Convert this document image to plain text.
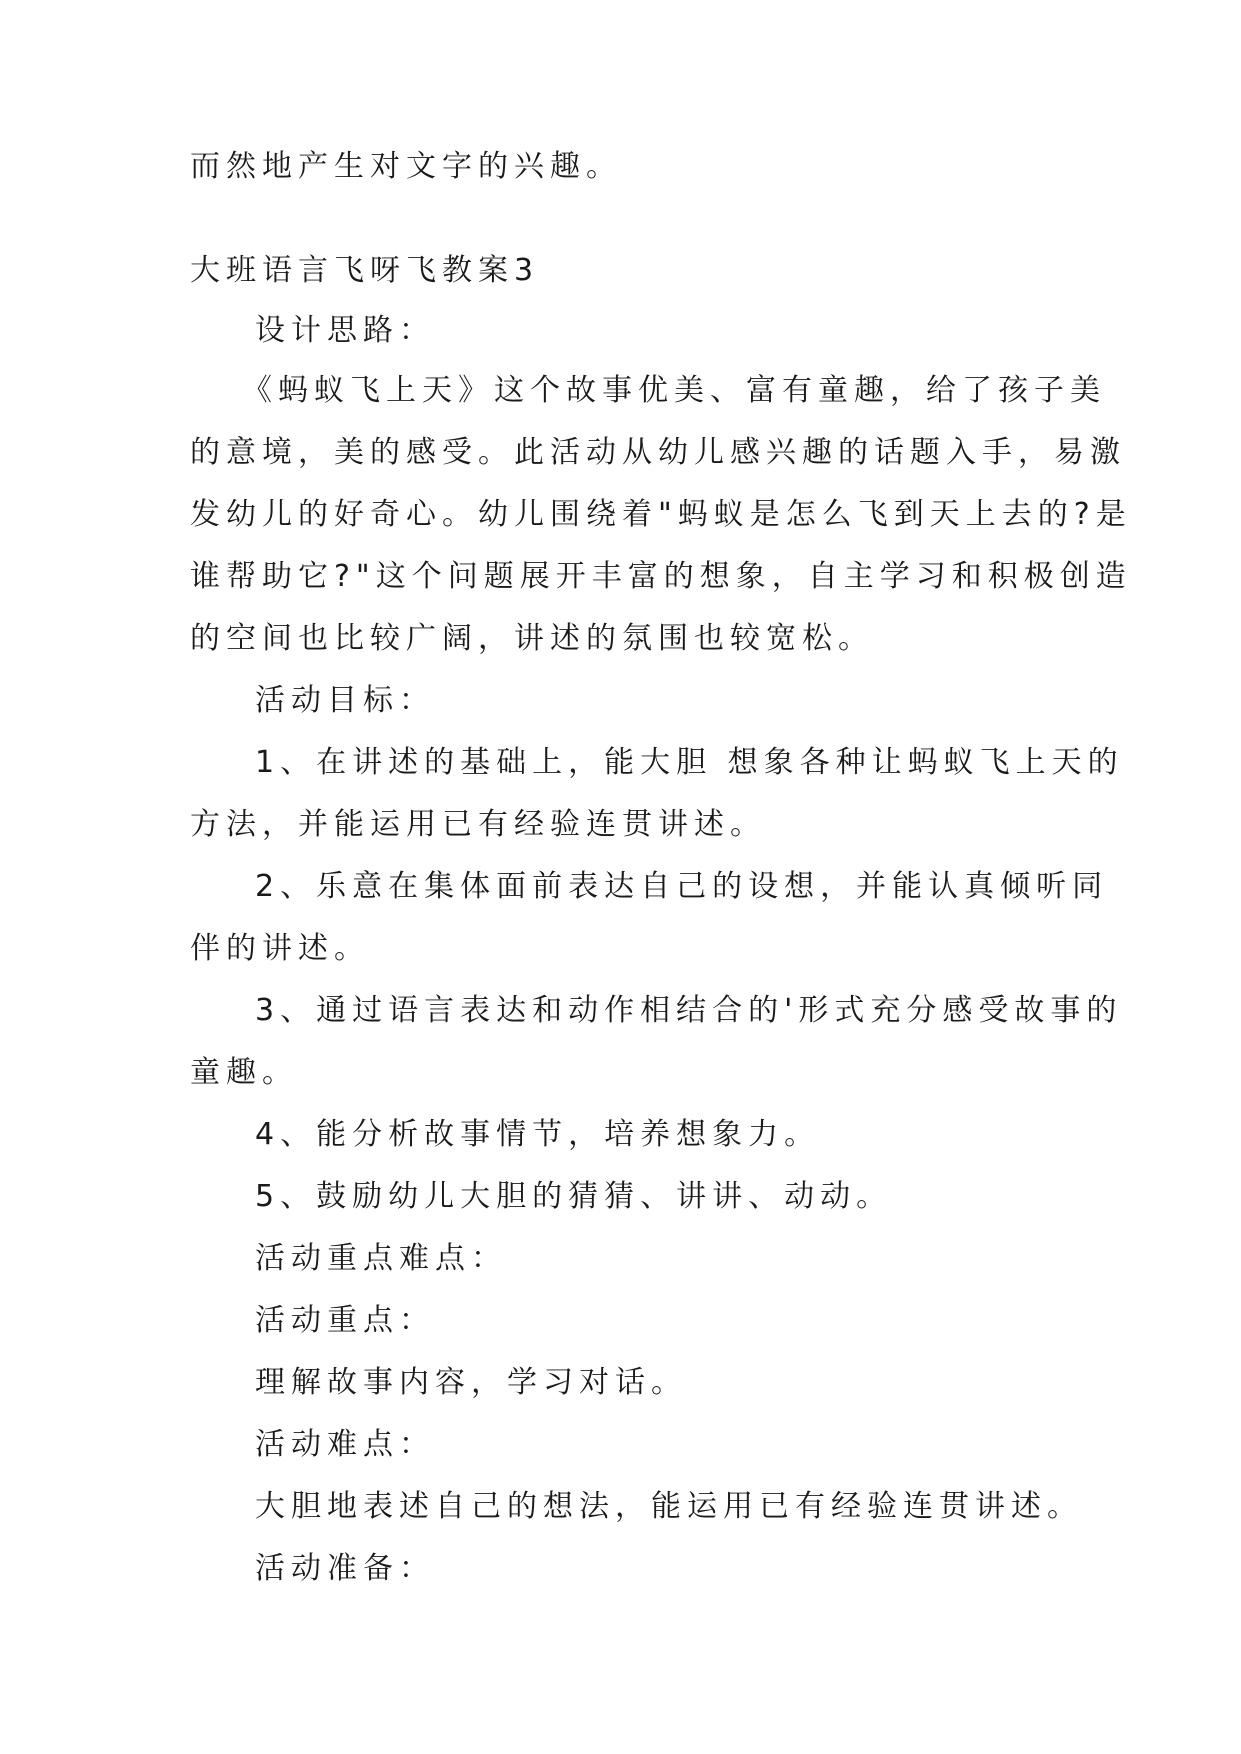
而然地产生对文字的兴趣。
大班语言飞呀飞教案3
设计思路：
《蚂蚁飞上天》这个故事优美、富有童趣，给了孩子美
的意境，美的感受。此活动从幼儿感兴趣的话题入手，易激
发幼儿的好奇心。幼儿围绕着"蚂蚁是怎么飞到天上去的?是
谁帮助它?"这个问题展开丰富的想象，自主学习和积极创造
的空间也比较广阔，讲述的氛围也较宽松。
活动目标：
1、在讲述的基础上，能大胆 想象各种让蚂蚁飞上天的
方法，并能运用已有经验连贯讲述。
2、乐意在集体面前表达自己的设想，并能认真倾听同
伴的讲述。
3、通过语言表达和动作相结合的'形式充分感受故事的
童趣。
4、能分析故事情节，培养想象力。
5、鼓励幼儿大胆的猜猜、讲讲、动动。
活动重点难点：
活动重点：
理解故事内容，学习对话。
活动难点：
大胆地表述自己的想法，能运用已有经验连贯讲述。
活动准备：
